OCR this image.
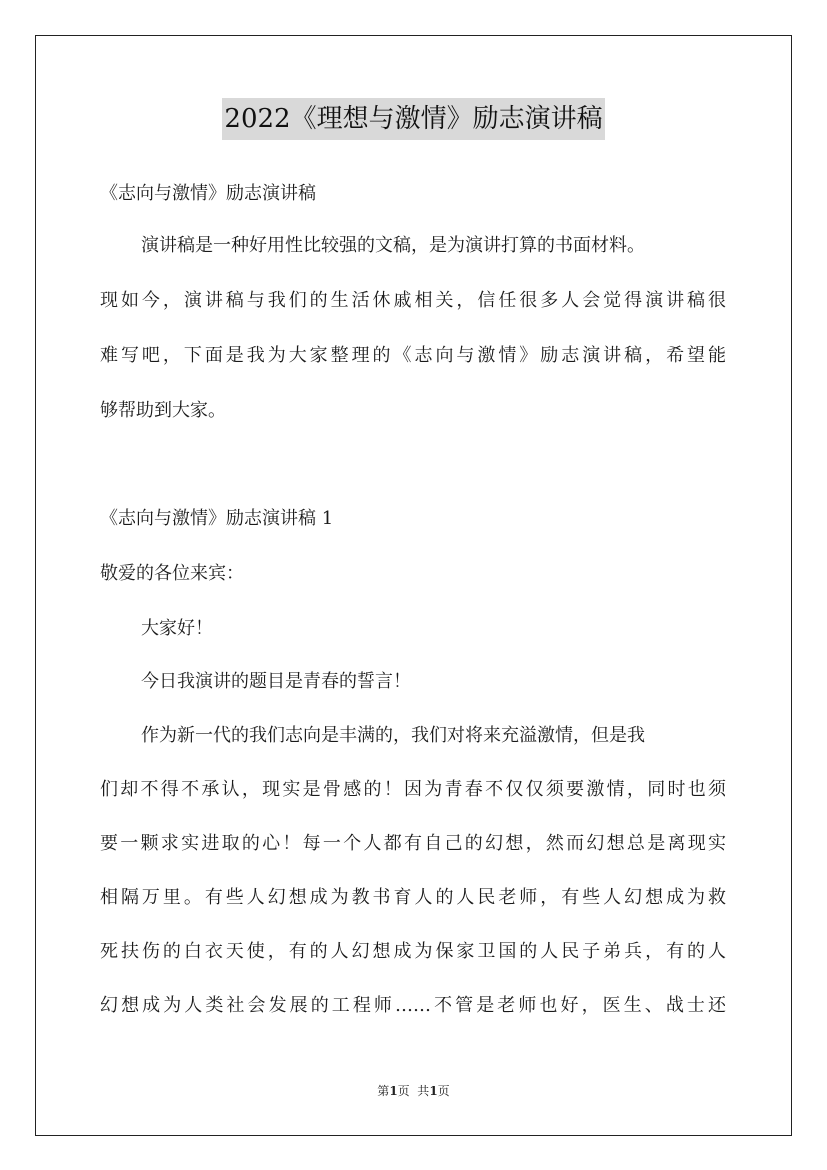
2022《理想与激情》励志演讲稿
《志向与激情》励志演讲稿
演讲稿是一种好用性比较强的文稿，是为演讲打算的书面材料。
现如今，演讲稿与我们的生活休戚相关，信任很多人会觉得演讲稿很
难写吧，下面是我为大家整理的《志向与激情》励志演讲稿，希望能
够帮助到大家。
《志向与激情》励志演讲稿 1
敬爱的各位来宾：
大家好！
今日我演讲的题目是青春的誓言！
作为新一代的我们志向是丰满的，我们对将来充溢激情，但是我
们却不得不承认，现实是骨感的！因为青春不仅仅须要激情，同时也须
要一颗求实进取的心！每一个人都有自己的幻想，然而幻想总是离现实
相隔万里。有些人幻想成为教书育人的人民老师，有些人幻想成为救
死扶伤的白衣天使，有的人幻想成为保家卫国的人民子弟兵，有的人
幻想成为人类社会发展的工程师……不管是老师也好，医生、战士还
第1页  共1页
